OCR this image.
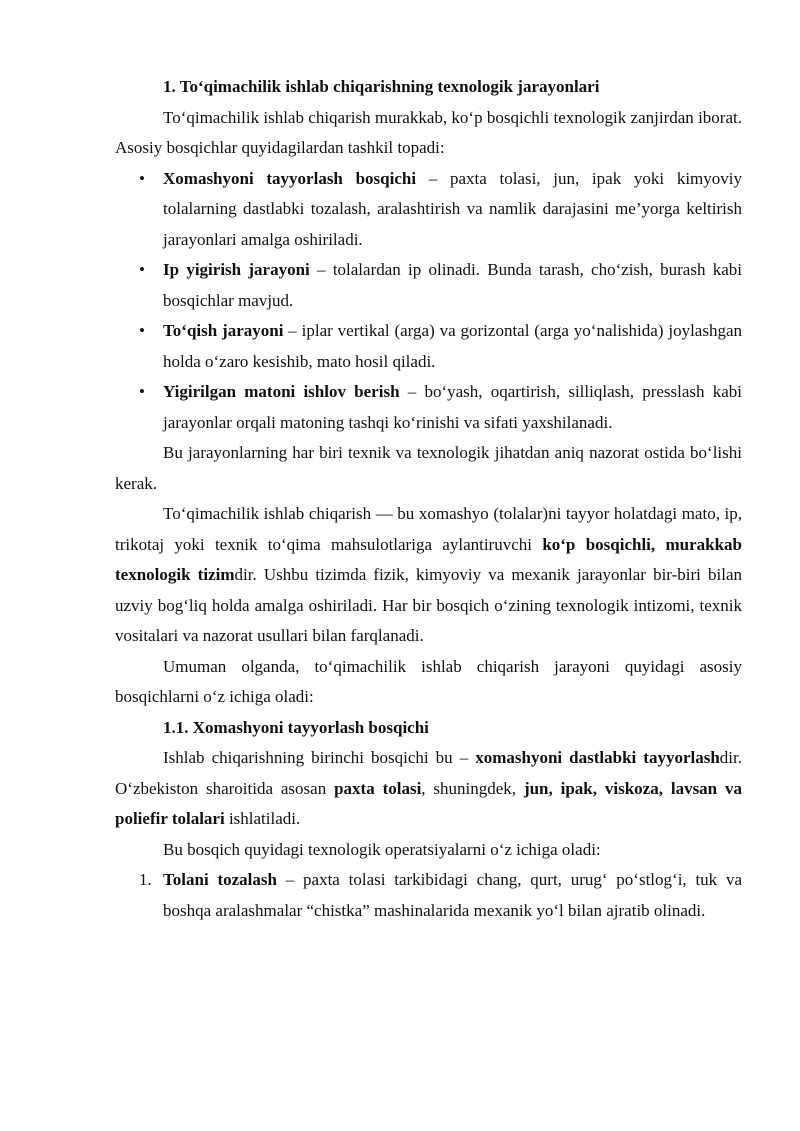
1. To‘qimachilik ishlab chiqarishning texnologik jarayonlari

To‘qimachilik ishlab chiqarish murakkab, ko‘p bosqichli texnologik zanjirdan iborat. Asosiy bosqichlar quyidagilardan tashkil topadi:

• Xomashyoni tayyorlash bosqichi – paxta tolasi, jun, ipak yoki kimyoviy tolalarning dastlabki tozalash, aralashtirish va namlik darajasini me’yorga keltirish jarayonlari amalga oshiriladi.
• Ip yigirish jarayoni – tolalardan ip olinadi. Bunda tarash, cho‘zish, burash kabi bosqichlar mavjud.
• To‘qish jarayoni – iplar vertikal (arga) va gorizontal (arga yo‘nalishida) joylashgan holda o‘zaro kesishib, mato hosil qiladi.
• Yigirilgan matoni ishlov berish – bo‘yash, oqartirish, silliqlash, presslash kabi jarayonlar orqali matoning tashqi ko‘rinishi va sifati yaxshilanadi.

Bu jarayonlarning har biri texnik va texnologik jihatdan aniq nazorat ostida bo‘lishi kerak.

To‘qimachilik ishlab chiqarish — bu xomashyo (tolalar)ni tayyor holatdagi mato, ip, trikotaj yoki texnik to‘qima mahsulotlariga aylantiruvchi ko‘p bosqichli, murakkab texnologik tizimdir. Ushbu tizimda fizik, kimyoviy va mexanik jarayonlar bir-biri bilan uzviy bog‘liq holda amalga oshiriladi. Har bir bosqich o‘zining texnologik intizomi, texnik vositalari va nazorat usullari bilan farqlanadi.

Umuman olganda, to‘qimachilik ishlab chiqarish jarayoni quyidagi asosiy bosqichlarni o‘z ichiga oladi:

1.1. Xomashyoni tayyorlash bosqichi

Ishlab chiqarishning birinchi bosqichi bu – xomashyoni dastlabki tayyorlashdir. O‘zbekiston sharoitida asosan paxta tolasi, shuningdek, jun, ipak, viskoza, lavsan va poliefir tolalari ishlatiladi.

Bu bosqich quyidagi texnologik operatsiyalarni o‘z ichiga oladi:

1. Tolani tozalash – paxta tolasi tarkibidagi chang, qurt, urug‘ po‘stlog‘i, tuk va boshqa aralashmalar “chistka” mashinalarida mexanik yo‘l bilan ajratib olinadi.
